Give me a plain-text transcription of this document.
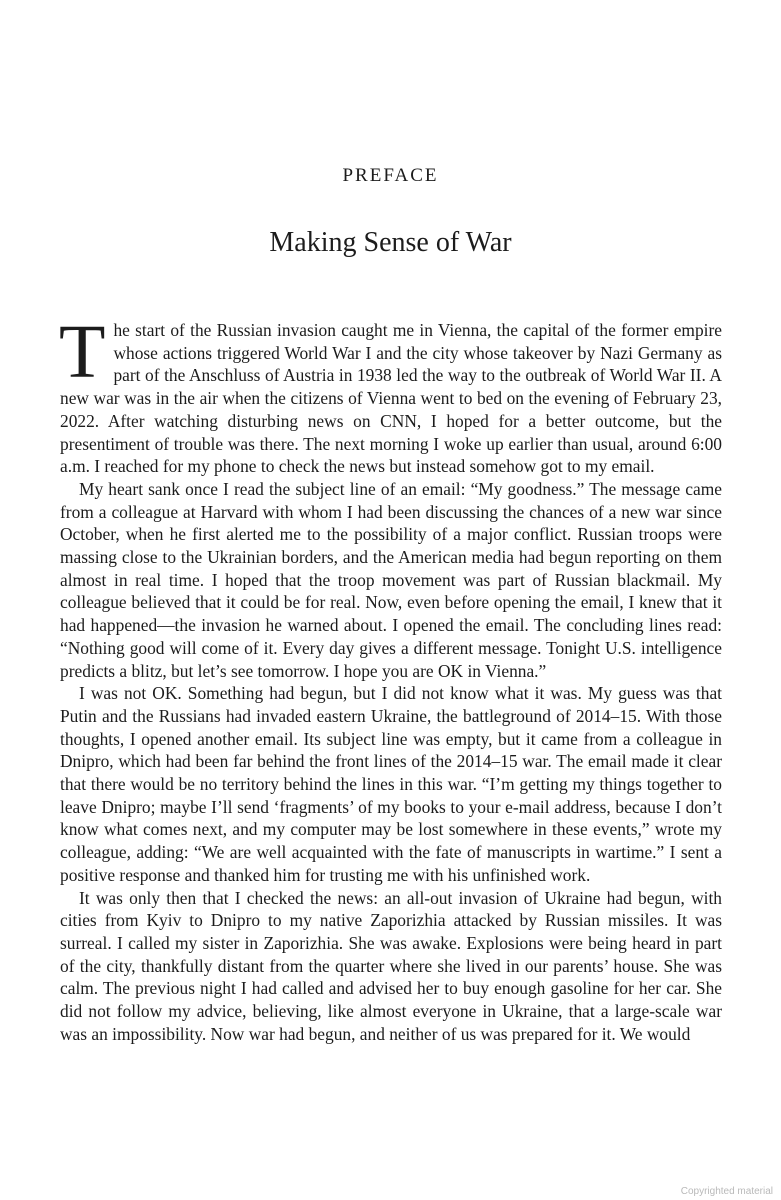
PREFACE
Making Sense of War

The start of the Russian invasion caught me in Vienna, the capital of the former empire whose actions triggered World War I and the city whose takeover by Nazi Germany as part of the Anschluss of Austria in 1938 led the way to the outbreak of World War II. A new war was in the air when the citizens of Vienna went to bed on the evening of February 23, 2022. After watching disturbing news on CNN, I hoped for a better outcome, but the presentiment of trouble was there. The next morning I woke up earlier than usual, around 6:00 a.m. I reached for my phone to check the news but instead somehow got to my email.

My heart sank once I read the subject line of an email: “My goodness.” The message came from a colleague at Harvard with whom I had been discussing the chances of a new war since October, when he first alerted me to the possibility of a major conflict. Russian troops were massing close to the Ukrainian borders, and the American media had begun reporting on them almost in real time. I hoped that the troop movement was part of Russian blackmail. My colleague believed that it could be for real. Now, even before opening the email, I knew that it had happened—the invasion he warned about. I opened the email. The concluding lines read: “Nothing good will come of it. Every day gives a different message. Tonight U.S. intelligence predicts a blitz, but let’s see tomorrow. I hope you are OK in Vienna.”

I was not OK. Something had begun, but I did not know what it was. My guess was that Putin and the Russians had invaded eastern Ukraine, the battleground of 2014–15. With those thoughts, I opened another email. Its subject line was empty, but it came from a colleague in Dnipro, which had been far behind the front lines of the 2014–15 war. The email made it clear that there would be no territory behind the lines in this war. “I’m getting my things together to leave Dnipro; maybe I’ll send ‘fragments’ of my books to your e-mail address, because I don’t know what comes next, and my computer may be lost somewhere in these events,” wrote my colleague, adding: “We are well acquainted with the fate of manuscripts in wartime.” I sent a positive response and thanked him for trusting me with his unfinished work.

It was only then that I checked the news: an all-out invasion of Ukraine had begun, with cities from Kyiv to Dnipro to my native Zaporizhia attacked by Russian missiles. It was surreal. I called my sister in Zaporizhia. She was awake. Explosions were being heard in part of the city, thankfully distant from the quarter where she lived in our parents’ house. She was calm. The previous night I had called and advised her to buy enough gasoline for her car. She did not follow my advice, believing, like almost everyone in Ukraine, that a large-scale war was an impossibility. Now war had begun, and neither of us was prepared for it. We would

Copyrighted material
